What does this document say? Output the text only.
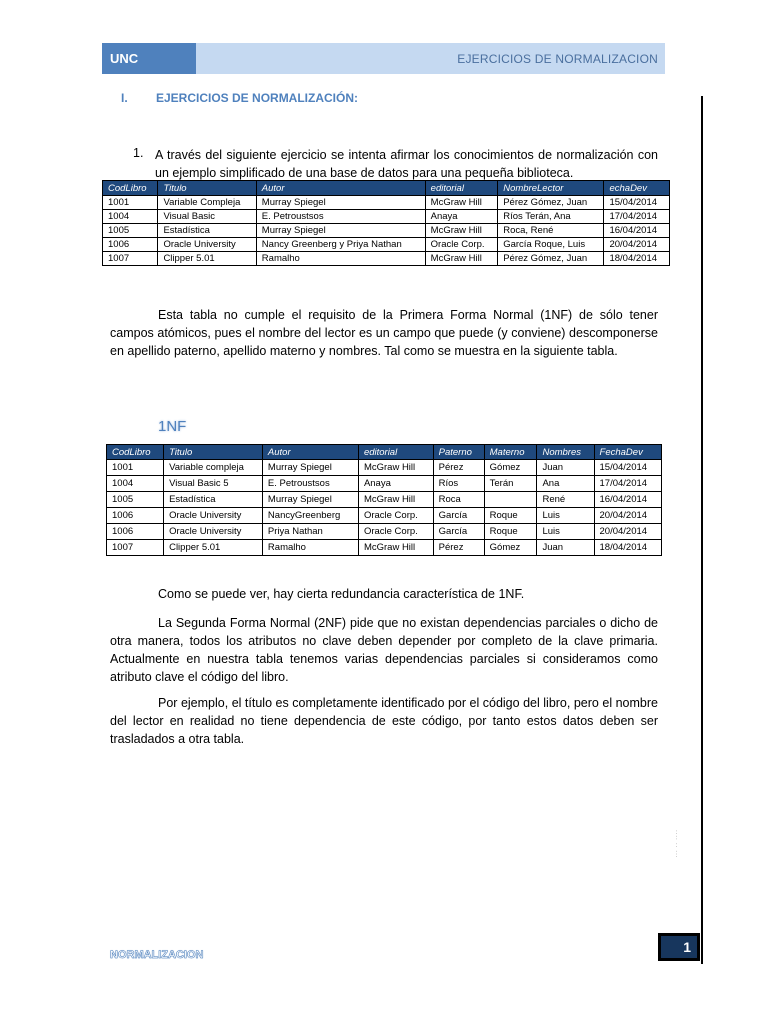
UNC	EJERCICIOS DE NORMALIZACION
I. EJERCICIOS DE NORMALIZACIÓN:
1. A través del siguiente ejercicio se intenta afirmar los conocimientos de normalización con un ejemplo simplificado de una base de datos para una pequeña biblioteca.
CodLibro	Titulo	Autor	editorial	NombreLector	echaDev
1001	Variable Compleja	Murray Spiegel	McGraw Hill	Pérez Gómez, Juan	15/04/2014
1004	Visual Basic	E. Petroustsos	Anaya	Ríos Terán, Ana	17/04/2014
1005	Estadística	Murray Spiegel	McGraw Hill	Roca, René	16/04/2014
1006	Oracle University	Nancy Greenberg y Priya Nathan	Oracle Corp.	García Roque, Luis	20/04/2014
1007	Clipper 5.01	Ramalho	McGraw Hill	Pérez Gómez, Juan	18/04/2014
Esta tabla no cumple el requisito de la Primera Forma Normal (1NF) de sólo tener campos atómicos, pues el nombre del lector es un campo que puede (y conviene) descomponerse en apellido paterno, apellido materno y nombres. Tal como se muestra en la siguiente tabla.
1NF
CodLibro	Titulo	Autor	editorial	Paterno	Materno	Nombres	FechaDev
1001	Variable compleja	Murray Spiegel	McGraw Hill	Pérez	Gómez	Juan	15/04/2014
1004	Visual Basic 5	E. Petroustsos	Anaya	Ríos	Terán	Ana	17/04/2014
1005	Estadística	Murray Spiegel	McGraw Hill	Roca		René	16/04/2014
1006	Oracle University	NancyGreenberg	Oracle Corp.	García	Roque	Luis	20/04/2014
1006	Oracle University	Priya Nathan	Oracle Corp.	García	Roque	Luis	20/04/2014
1007	Clipper 5.01	Ramalho	McGraw Hill	Pérez	Gómez	Juan	18/04/2014
Como se puede ver, hay cierta redundancia característica de 1NF.
La Segunda Forma Normal (2NF) pide que no existan dependencias parciales o dicho de otra manera, todos los atributos no clave deben depender por completo de la clave primaria. Actualmente en nuestra tabla tenemos varias dependencias parciales si consideramos como atributo clave el código del libro.
Por ejemplo, el título es completamente identificado por el código del libro, pero el nombre del lector en realidad no tiene dependencia de este código, por tanto estos datos deben ser trasladados a otra tabla.
··· ·· ····
NORMALIZACION	1
